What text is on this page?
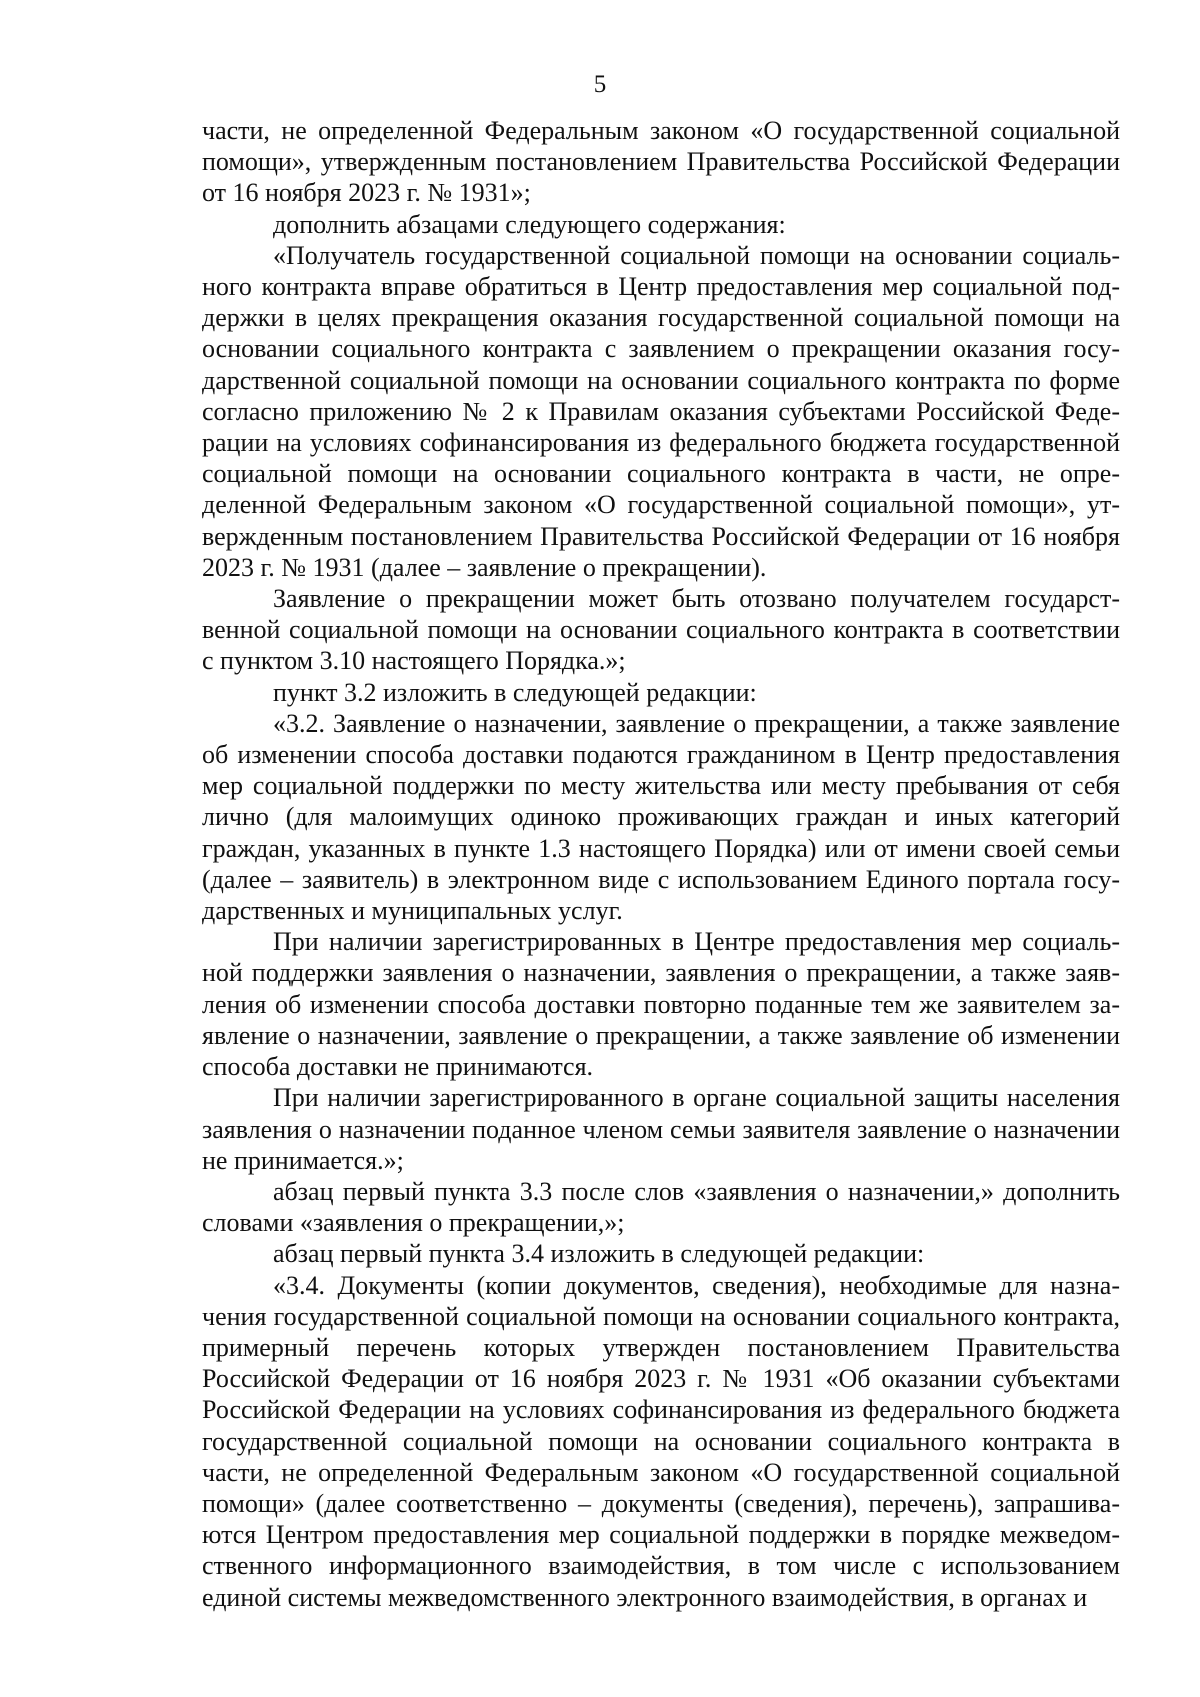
5

части, не определенной Федеральным законом «О государственной социальной помощи», утвержденным постановлением Правительства Российской Федерации от 16 ноября 2023 г. № 1931»;

дополнить абзацами следующего содержания:

«Получатель государственной социальной помощи на основании социального контракта вправе обратиться в Центр предоставления мер социальной поддержки в целях прекращения оказания государственной социальной помощи на основании социального контракта с заявлением о прекращении оказания государственной социальной помощи на основании социального контракта по форме согласно приложению № 2 к Правилам оказания субъектами Российской Федерации на условиях софинансирования из федерального бюджета государственной социальной помощи на основании социального контракта в части, не определенной Федеральным законом «О государственной социальной помощи», утвержденным постановлением Правительства Российской Федерации от 16 ноября 2023 г. № 1931 (далее – заявление о прекращении).

Заявление о прекращении может быть отозвано получателем государственной социальной помощи на основании социального контракта в соответствии с пунктом 3.10 настоящего Порядка.»;

пункт 3.2 изложить в следующей редакции:

«3.2. Заявление о назначении, заявление о прекращении, а также заявление об изменении способа доставки подаются гражданином в Центр предоставления мер социальной поддержки по месту жительства или месту пребывания от себя лично (для малоимущих одиноко проживающих граждан и иных категорий граждан, указанных в пункте 1.3 настоящего Порядка) или от имени своей семьи (далее – заявитель) в электронном виде с использованием Единого портала государственных и муниципальных услуг.

При наличии зарегистрированных в Центре предоставления мер социальной поддержки заявления о назначении, заявления о прекращении, а также заявления об изменении способа доставки повторно поданные тем же заявителем заявление о назначении, заявление о прекращении, а также заявление об изменении способа доставки не принимаются.

При наличии зарегистрированного в органе социальной защиты населения заявления о назначении поданное членом семьи заявителя заявление о назначении не принимается.»;

абзац первый пункта 3.3 после слов «заявления о назначении,» дополнить словами «заявления о прекращении,»;

абзац первый пункта 3.4 изложить в следующей редакции:

«3.4. Документы (копии документов, сведения), необходимые для назначения государственной социальной помощи на основании социального контракта, примерный перечень которых утвержден постановлением Правительства Российской Федерации от 16 ноября 2023 г. № 1931 «Об оказании субъектами Российской Федерации на условиях софинансирования из федерального бюджета государственной социальной помощи на основании социального контракта в части, не определенной Федеральным законом «О государственной социальной помощи» (далее соответственно – документы (сведения), перечень), запрашиваются Центром предоставления мер социальной поддержки в порядке межведомственного информационного взаимодействия, в том числе с использованием единой системы межведомственного электронного взаимодействия, в органах и
